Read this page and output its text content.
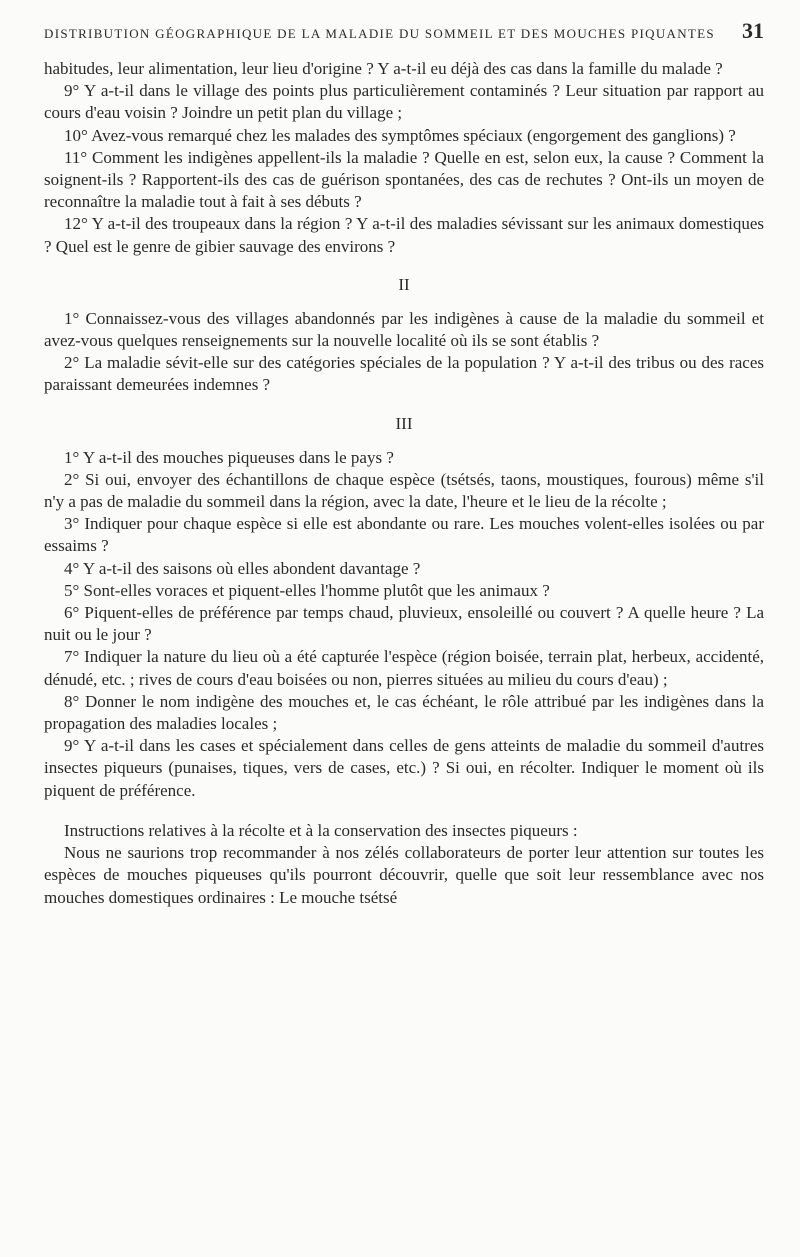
DISTRIBUTION GÉOGRAPHIQUE DE LA MALADIE DU SOMMEIL ET DES MOUCHES PIQUANTES 31

habitudes, leur alimentation, leur lieu d'origine ? Y a-t-il eu déjà des cas dans la famille du malade ?

9° Y a-t-il dans le village des points plus particulièrement contaminés ? Leur situation par rapport au cours d'eau voisin ? Joindre un petit plan du village ;

10° Avez-vous remarqué chez les malades des symptômes spéciaux (engorgement des ganglions) ?

11° Comment les indigènes appellent-ils la maladie ? Quelle en est, selon eux, la cause ? Comment la soignent-ils ? Rapportent-ils des cas de guérison spontanées, des cas de rechutes ? Ont-ils un moyen de reconnaître la maladie tout à fait à ses débuts ?

12° Y a-t-il des troupeaux dans la région ? Y a-t-il des maladies sévissant sur les animaux domestiques ? Quel est le genre de gibier sauvage des environs ?

II

1° Connaissez-vous des villages abandonnés par les indigènes à cause de la maladie du sommeil et avez-vous quelques renseignements sur la nouvelle localité où ils se sont établis ?

2° La maladie sévit-elle sur des catégories spéciales de la population ? Y a-t-il des tribus ou des races paraissant demeurées indemnes ?

III

1° Y a-t-il des mouches piqueuses dans le pays ?

2° Si oui, envoyer des échantillons de chaque espèce (tsétsés, taons, moustiques, fourous) même s'il n'y a pas de maladie du sommeil dans la région, avec la date, l'heure et le lieu de la récolte ;

3° Indiquer pour chaque espèce si elle est abondante ou rare. Les mouches volent-elles isolées ou par essaims ?

4° Y a-t-il des saisons où elles abondent davantage ?

5° Sont-elles voraces et piquent-elles l'homme plutôt que les animaux ?

6° Piquent-elles de préférence par temps chaud, pluvieux, ensoleillé ou couvert ? A quelle heure ? La nuit ou le jour ?

7° Indiquer la nature du lieu où a été capturée l'espèce (région boisée, terrain plat, herbeux, accidenté, dénudé, etc. ; rives de cours d'eau boisées ou non, pierres situées au milieu du cours d'eau) ;

8° Donner le nom indigène des mouches et, le cas échéant, le rôle attribué par les indigènes dans la propagation des maladies locales ;

9° Y a-t-il dans les cases et spécialement dans celles de gens atteints de maladie du sommeil d'autres insectes piqueurs (punaises, tiques, vers de cases, etc.) ? Si oui, en récolter. Indiquer le moment où ils piquent de préférence.

Instructions relatives à la récolte et à la conservation des insectes piqueurs :

Nous ne saurions trop recommander à nos zélés collaborateurs de porter leur attention sur toutes les espèces de mouches piqueuses qu'ils pourront découvrir, quelle que soit leur ressemblance avec nos mouches domestiques ordinaires : Le mouche tsétsé
